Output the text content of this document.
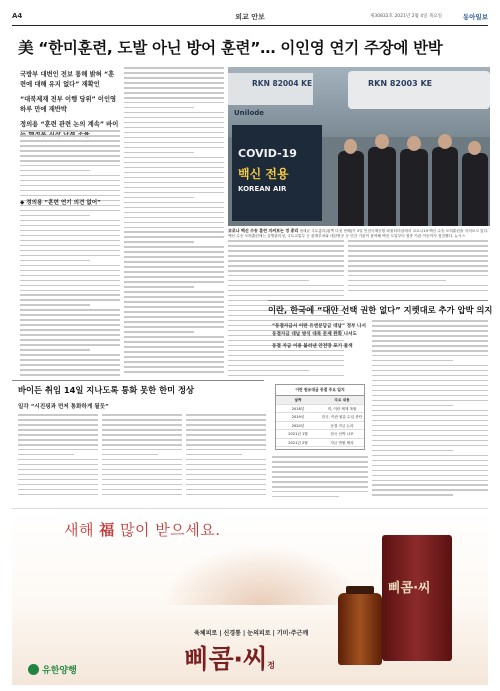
A4	외교 안보	제30832호 2021년 2월 4일 목요일	동아일보
美 “한미훈련, 도발 아닌 방어 훈련”… 이인영 연기 주장에 반박
국방부 대변인 전보 통해 밝혀 “훈련에 대해 유지 없다” 재확인
“대북제재 전부 이행 당위” 이인영 하루 만에 재반박
정의용 “훈련 관련 논의 계속” 바이
◆ 정의용 “훈련 연기 의견 없어”
RKN 82004 KE	RKN 82003 KE
Unilode
COVID-19
백신 전용
KOREAN AIR
코로나 백신 수송 훈련 지켜보는 정 총리 정세균 국무총리(왼쪽 다섯 번째)가 3일 인천국제공항 화물터미널에서 코로나19 백신 수송 모의훈련을 지켜보고 있다. 백신 수송 모의훈련에는 질병관리청, 국토교통부 등 관계부처와 대한항공 등 민간 기관이 참여해 백신 도입부터 접종 기관 이송까지 점검했다. 뉴시스
이란, 한국에 “대안 선택 권한 없다” 지렛대로 추가 압박 의지
“동결자금서 이란 유엔분담금 대납” 정부 나서 동결자금 대납 방식 대북 문제 완화 나서도
동결 자금 이용 불러낸 안전망 포기 물색
이란 원유대금 동결 주요 일지
날짜	주요 내용
2018년	미, 이란 제재 복원
2019년	한국, 이란 원유 수입 중단
2020년	동결 자금 논의
2021년 1월	한국 선박 나포
2021년 2월	자금 반환 협의
바이든 취임 14일 지나도록 통화 못한 한미 정상
일각 “시진핑과 먼저 통화하게 될듯”
새해 福 많이 받으세요.
육체피로 | 신경통 | 눈의피로 | 기미·주근깨
삐콤·씨정
유한양행
삐콤·씨
